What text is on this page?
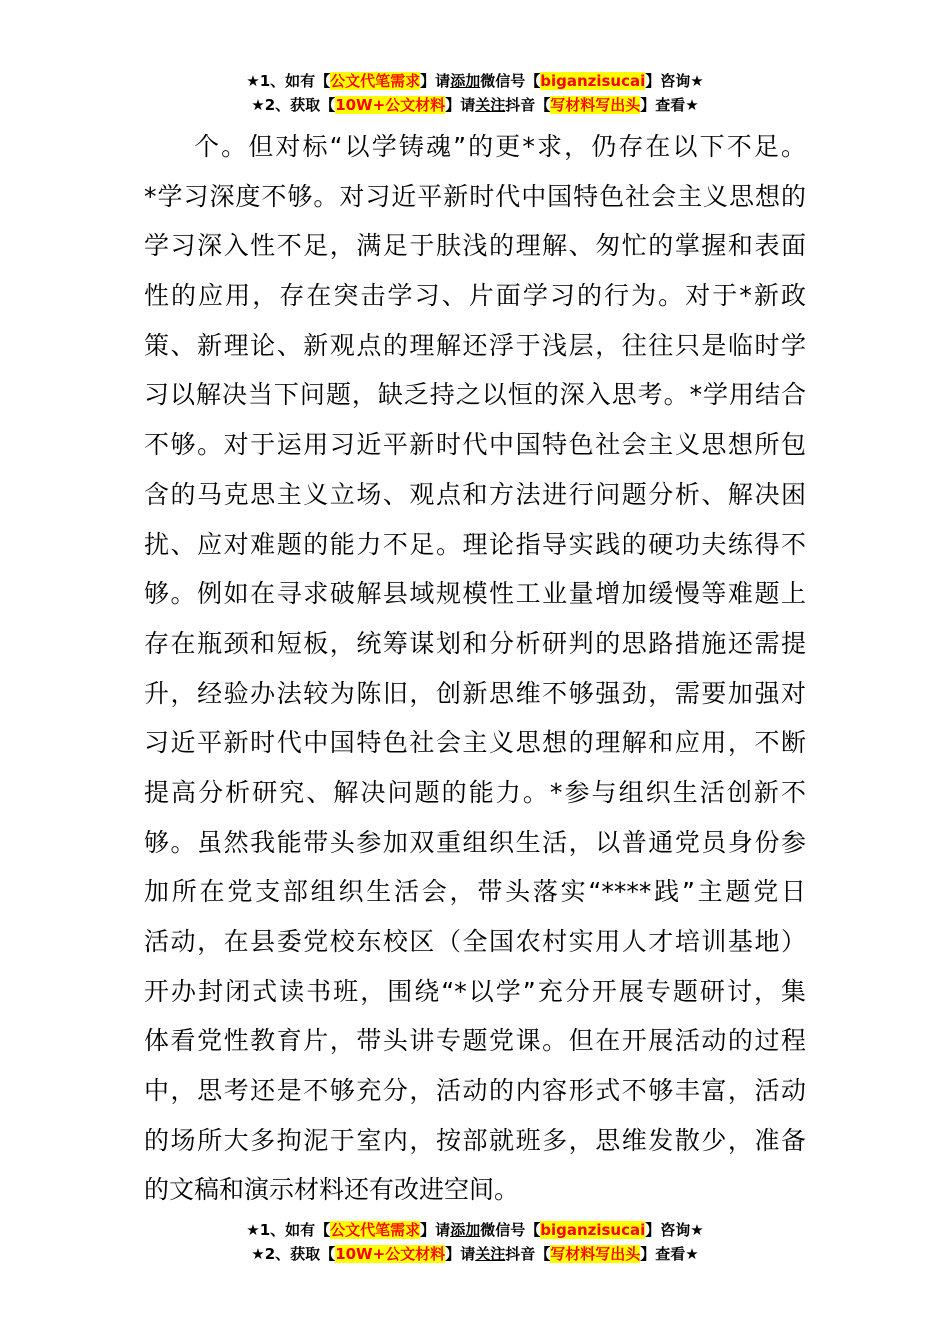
★1、如有【公文代笔需求】请添加微信号【biganzisucai】咨询★
★2、获取【10W+公文材料】请关注抖音【写材料写出头】查看★
个。但对标“以学铸魂”的更*求，仍存在以下不足。
*学习深度不够。对习近平新时代中国特色社会主义思想的
学习深入性不足，满足于肤浅的理解、匆忙的掌握和表面
性的应用，存在突击学习、片面学习的行为。对于*新政
策、新理论、新观点的理解还浮于浅层，往往只是临时学
习以解决当下问题，缺乏持之以恒的深入思考。*学用结合
不够。对于运用习近平新时代中国特色社会主义思想所包
含的马克思主义立场、观点和方法进行问题分析、解决困
扰、应对难题的能力不足。理论指导实践的硬功夫练得不
够。例如在寻求破解县域规模性工业量增加缓慢等难题上
存在瓶颈和短板，统筹谋划和分析研判的思路措施还需提
升，经验办法较为陈旧，创新思维不够强劲，需要加强对
习近平新时代中国特色社会主义思想的理解和应用，不断
提高分析研究、解决问题的能力。*参与组织生活创新不
够。虽然我能带头参加双重组织生活，以普通党员身份参
加所在党支部组织生活会，带头落实“****践”主题党日
活动，在县委党校东校区（全国农村实用人才培训基地）
开办封闭式读书班，围绕“*以学”充分开展专题研讨，集
体看党性教育片，带头讲专题党课。但在开展活动的过程
中，思考还是不够充分，活动的内容形式不够丰富，活动
的场所大多拘泥于室内，按部就班多，思维发散少，准备
的文稿和演示材料还有改进空间。
★1、如有【公文代笔需求】请添加微信号【biganzisucai】咨询★
★2、获取【10W+公文材料】请关注抖音【写材料写出头】查看★
